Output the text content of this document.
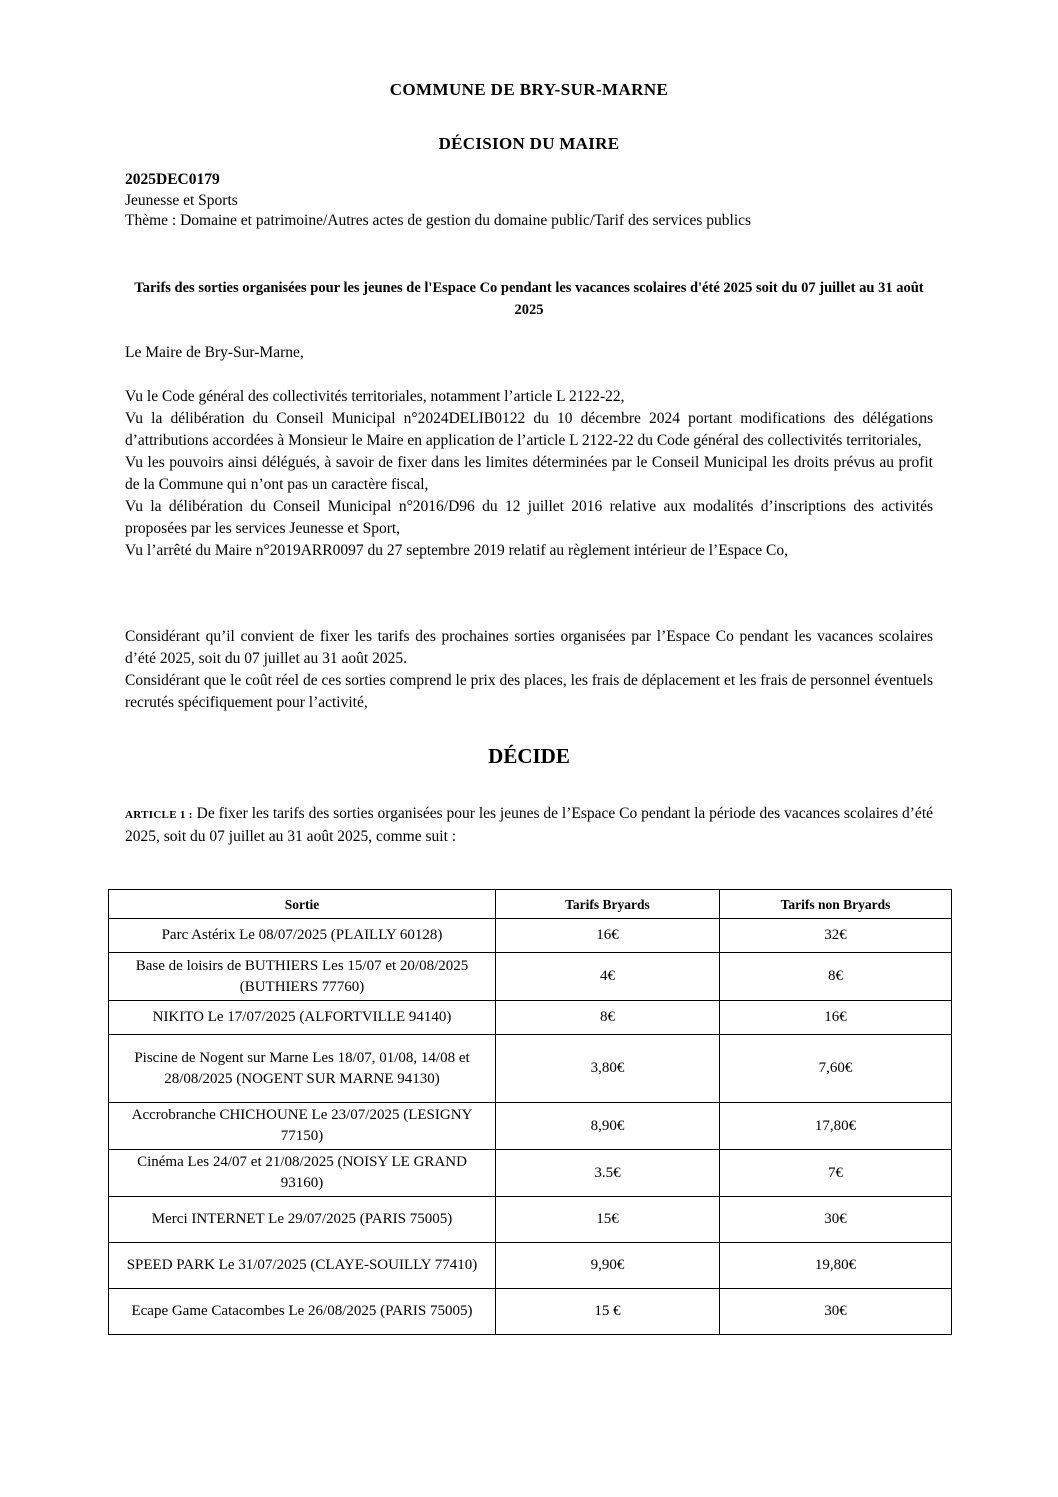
COMMUNE DE BRY-SUR-MARNE
DÉCISION DU MAIRE
2025DEC0179
Jeunesse et Sports
Thème : Domaine et patrimoine/Autres actes de gestion du domaine public/Tarif des services publics
Tarifs des sorties organisées pour les jeunes de l'Espace Co pendant les vacances scolaires d'été 2025 soit du 07 juillet au 31 août 2025
Le Maire de Bry-Sur-Marne,

Vu le Code général des collectivités territoriales, notamment l’article L 2122-22,

Vu la délibération du Conseil Municipal n°2024DELIB0122 du 10 décembre 2024 portant modifications des délégations d’attributions accordées à Monsieur le Maire en application de l’article L 2122-22 du Code général des collectivités territoriales,

Vu les pouvoirs ainsi délégués, à savoir de fixer dans les limites déterminées par le Conseil Municipal les droits prévus au profit de la Commune qui n’ont pas un caractère fiscal,

Vu la délibération du Conseil Municipal n°2016/D96 du 12 juillet 2016 relative aux modalités d’inscriptions des activités proposées par les services Jeunesse et Sport,

Vu l’arrêté du Maire n°2019ARR0097 du 27 septembre 2019 relatif au règlement intérieur de l’Espace Co,

Considérant qu’il convient de fixer les tarifs des prochaines sorties organisées par l’Espace Co pendant les vacances scolaires d’été 2025, soit du 07 juillet au 31 août 2025.

Considérant que le coût réel de ces sorties comprend le prix des places, les frais de déplacement et les frais de personnel éventuels recrutés spécifiquement pour l’activité,

DÉCIDE
ARTICLE 1 : De fixer les tarifs des sorties organisées pour les jeunes de l’Espace Co pendant la période des vacances scolaires d’été 2025, soit du 07 juillet au 31 août 2025, comme suit :
Sortie	Tarifs Bryards	Tarifs non Bryards
Parc Astérix Le 08/07/2025 (PLAILLY 60128)	16€	32€
Base de loisirs de BUTHIERS Les 15/07 et 20/08/2025 (BUTHIERS 77760)	4€	8€
NIKITO Le 17/07/2025 (ALFORTVILLE 94140)	8€	16€
Piscine de Nogent sur Marne Les 18/07, 01/08, 14/08 et 28/08/2025 (NOGENT SUR MARNE 94130)	3,80€	7,60€
Accrobranche CHICHOUNE Le 23/07/2025 (LESIGNY 77150)	8,90€	17,80€
Cinéma Les 24/07 et 21/08/2025 (NOISY LE GRAND 93160)	3.5€	7€
Merci INTERNET Le 29/07/2025 (PARIS 75005)	15€	30€
SPEED PARK Le 31/07/2025 (CLAYE-SOUILLY 77410)	9,90€	19,80€
Ecape Game Catacombes Le 26/08/2025 (PARIS 75005)	15 €	30€
